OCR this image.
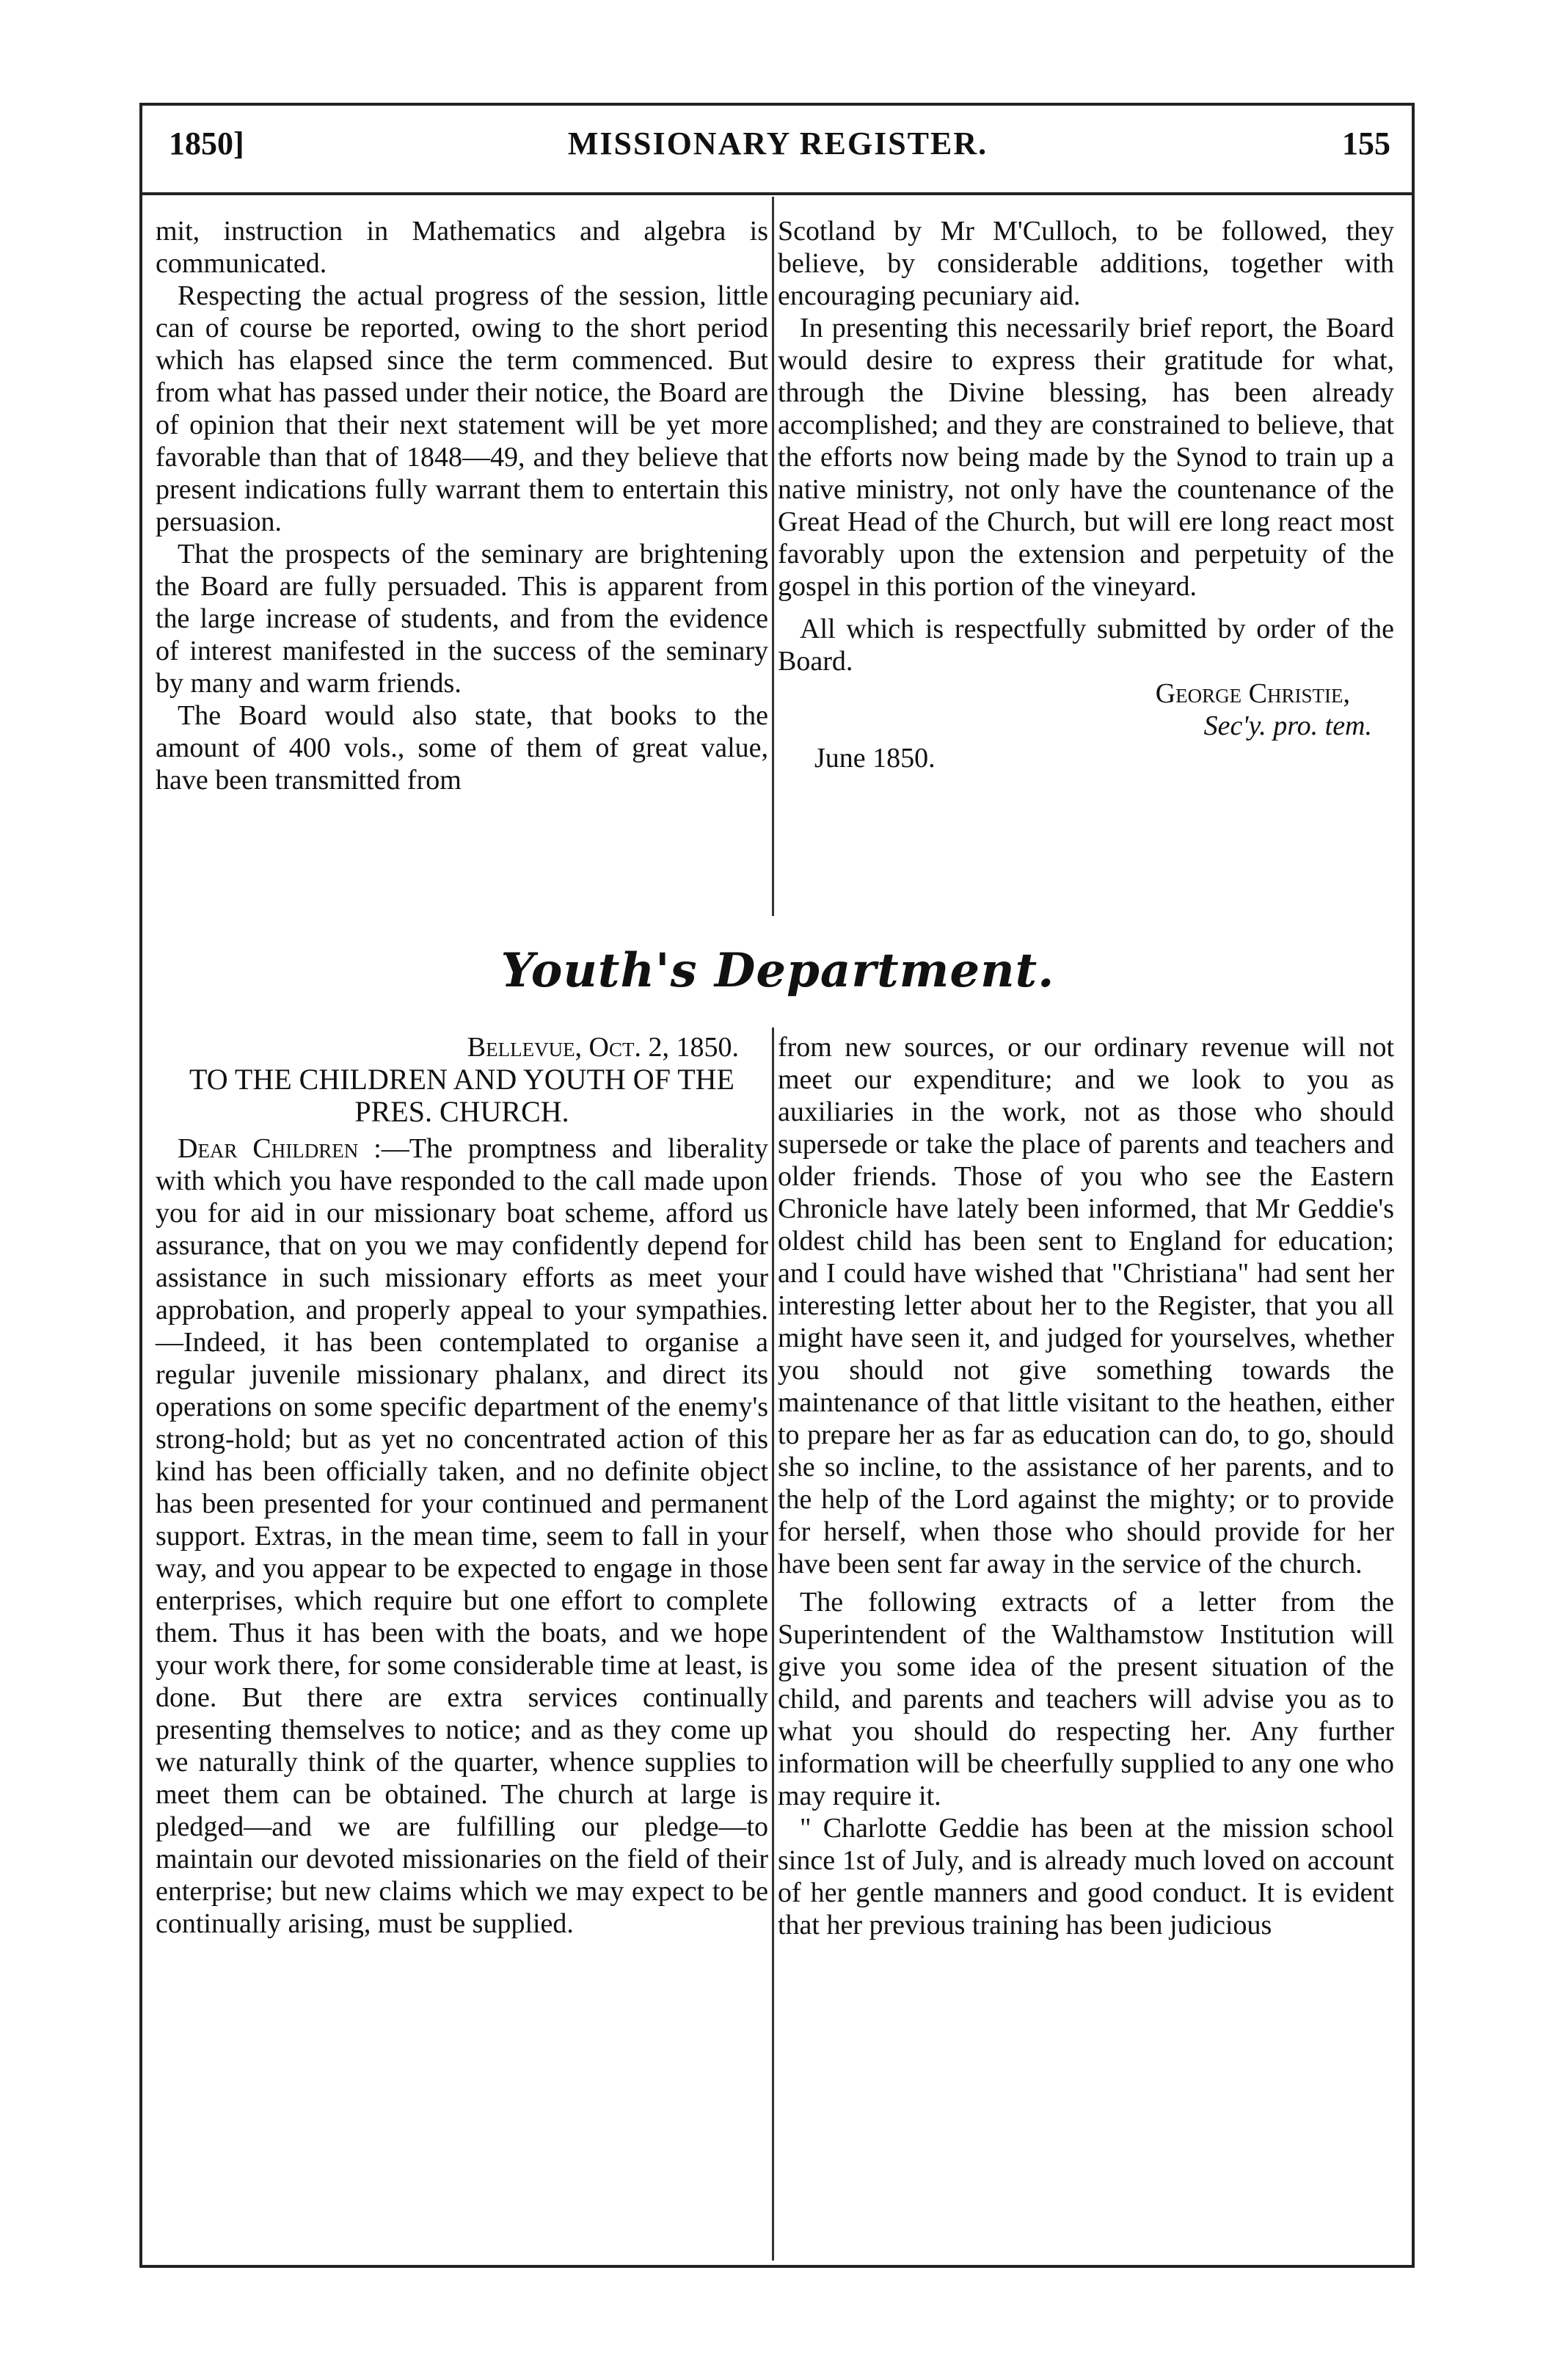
1850]	MISSIONARY REGISTER.	155

mit, instruction in Mathematics and algebra is communicated.

Respecting the actual progress of the session, little can of course be reported, owing to the short period which has elapsed since the term commenced. But from what has passed under their notice, the Board are of opinion that their next statement will be yet more favorable than that of 1848—49, and they believe that present indications fully warrant them to entertain this persuasion.

That the prospects of the seminary are brightening the Board are fully persuaded. This is apparent from the large increase of students, and from the evidence of interest manifested in the success of the seminary by many and warm friends.

The Board would also state, that books to the amount of 400 vols., some of them of great value, have been transmitted from

Scotland by Mr M'Culloch, to be followed, they believe, by considerable additions, together with encouraging pecuniary aid.

In presenting this necessarily brief report, the Board would desire to express their gratitude for what, through the Divine blessing, has been already accomplished; and they are constrained to believe, that the efforts now being made by the Synod to train up a native ministry, not only have the countenance of the Great Head of the Church, but will ere long react most favorably upon the extension and perpetuity of the gospel in this portion of the vineyard.

All which is respectfully submitted by order of the Board.

George Christie,

Sec'y. pro. tem.

June 1850.

Youth's Department.

Bellevue, Oct. 2, 1850.

TO THE CHILDREN AND YOUTH OF THE PRES. CHURCH.

Dear Children :—The promptness and liberality with which you have responded to the call made upon you for aid in our missionary boat scheme, afford us assurance, that on you we may confidently depend for assistance in such missionary efforts as meet your approbation, and properly appeal to your sympathies.—Indeed, it has been contemplated to organise a regular juvenile missionary phalanx, and direct its operations on some specific department of the enemy's strong-hold; but as yet no concentrated action of this kind has been officially taken, and no definite object has been presented for your continued and permanent support. Extras, in the mean time, seem to fall in your way, and you appear to be expected to engage in those enterprises, which require but one effort to complete them. Thus it has been with the boats, and we hope your work there, for some considerable time at least, is done. But there are extra services continually presenting themselves to notice; and as they come up we naturally think of the quarter, whence supplies to meet them can be obtained. The church at large is pledged—and we are fulfilling our pledge—to maintain our devoted missionaries on the field of their enterprise; but new claims which we may expect to be continually arising, must be supplied.

from new sources, or our ordinary revenue will not meet our expenditure; and we look to you as auxiliaries in the work, not as those who should supersede or take the place of parents and teachers and older friends. Those of you who see the Eastern Chronicle have lately been informed, that Mr Geddie's oldest child has been sent to England for education; and I could have wished that "Christiana" had sent her interesting letter about her to the Register, that you all might have seen it, and judged for yourselves, whether you should not give something towards the maintenance of that little visitant to the heathen, either to prepare her as far as education can do, to go, should she so incline, to the assistance of her parents, and to the help of the Lord against the mighty; or to provide for herself, when those who should provide for her have been sent far away in the service of the church.

The following extracts of a letter from the Superintendent of the Walthamstow Institution will give you some idea of the present situation of the child, and parents and teachers will advise you as to what you should do respecting her. Any further information will be cheerfully supplied to any one who may require it.

" Charlotte Geddie has been at the mission school since 1st of July, and is already much loved on account of her gentle manners and good conduct. It is evident that her previous training has been judicious
